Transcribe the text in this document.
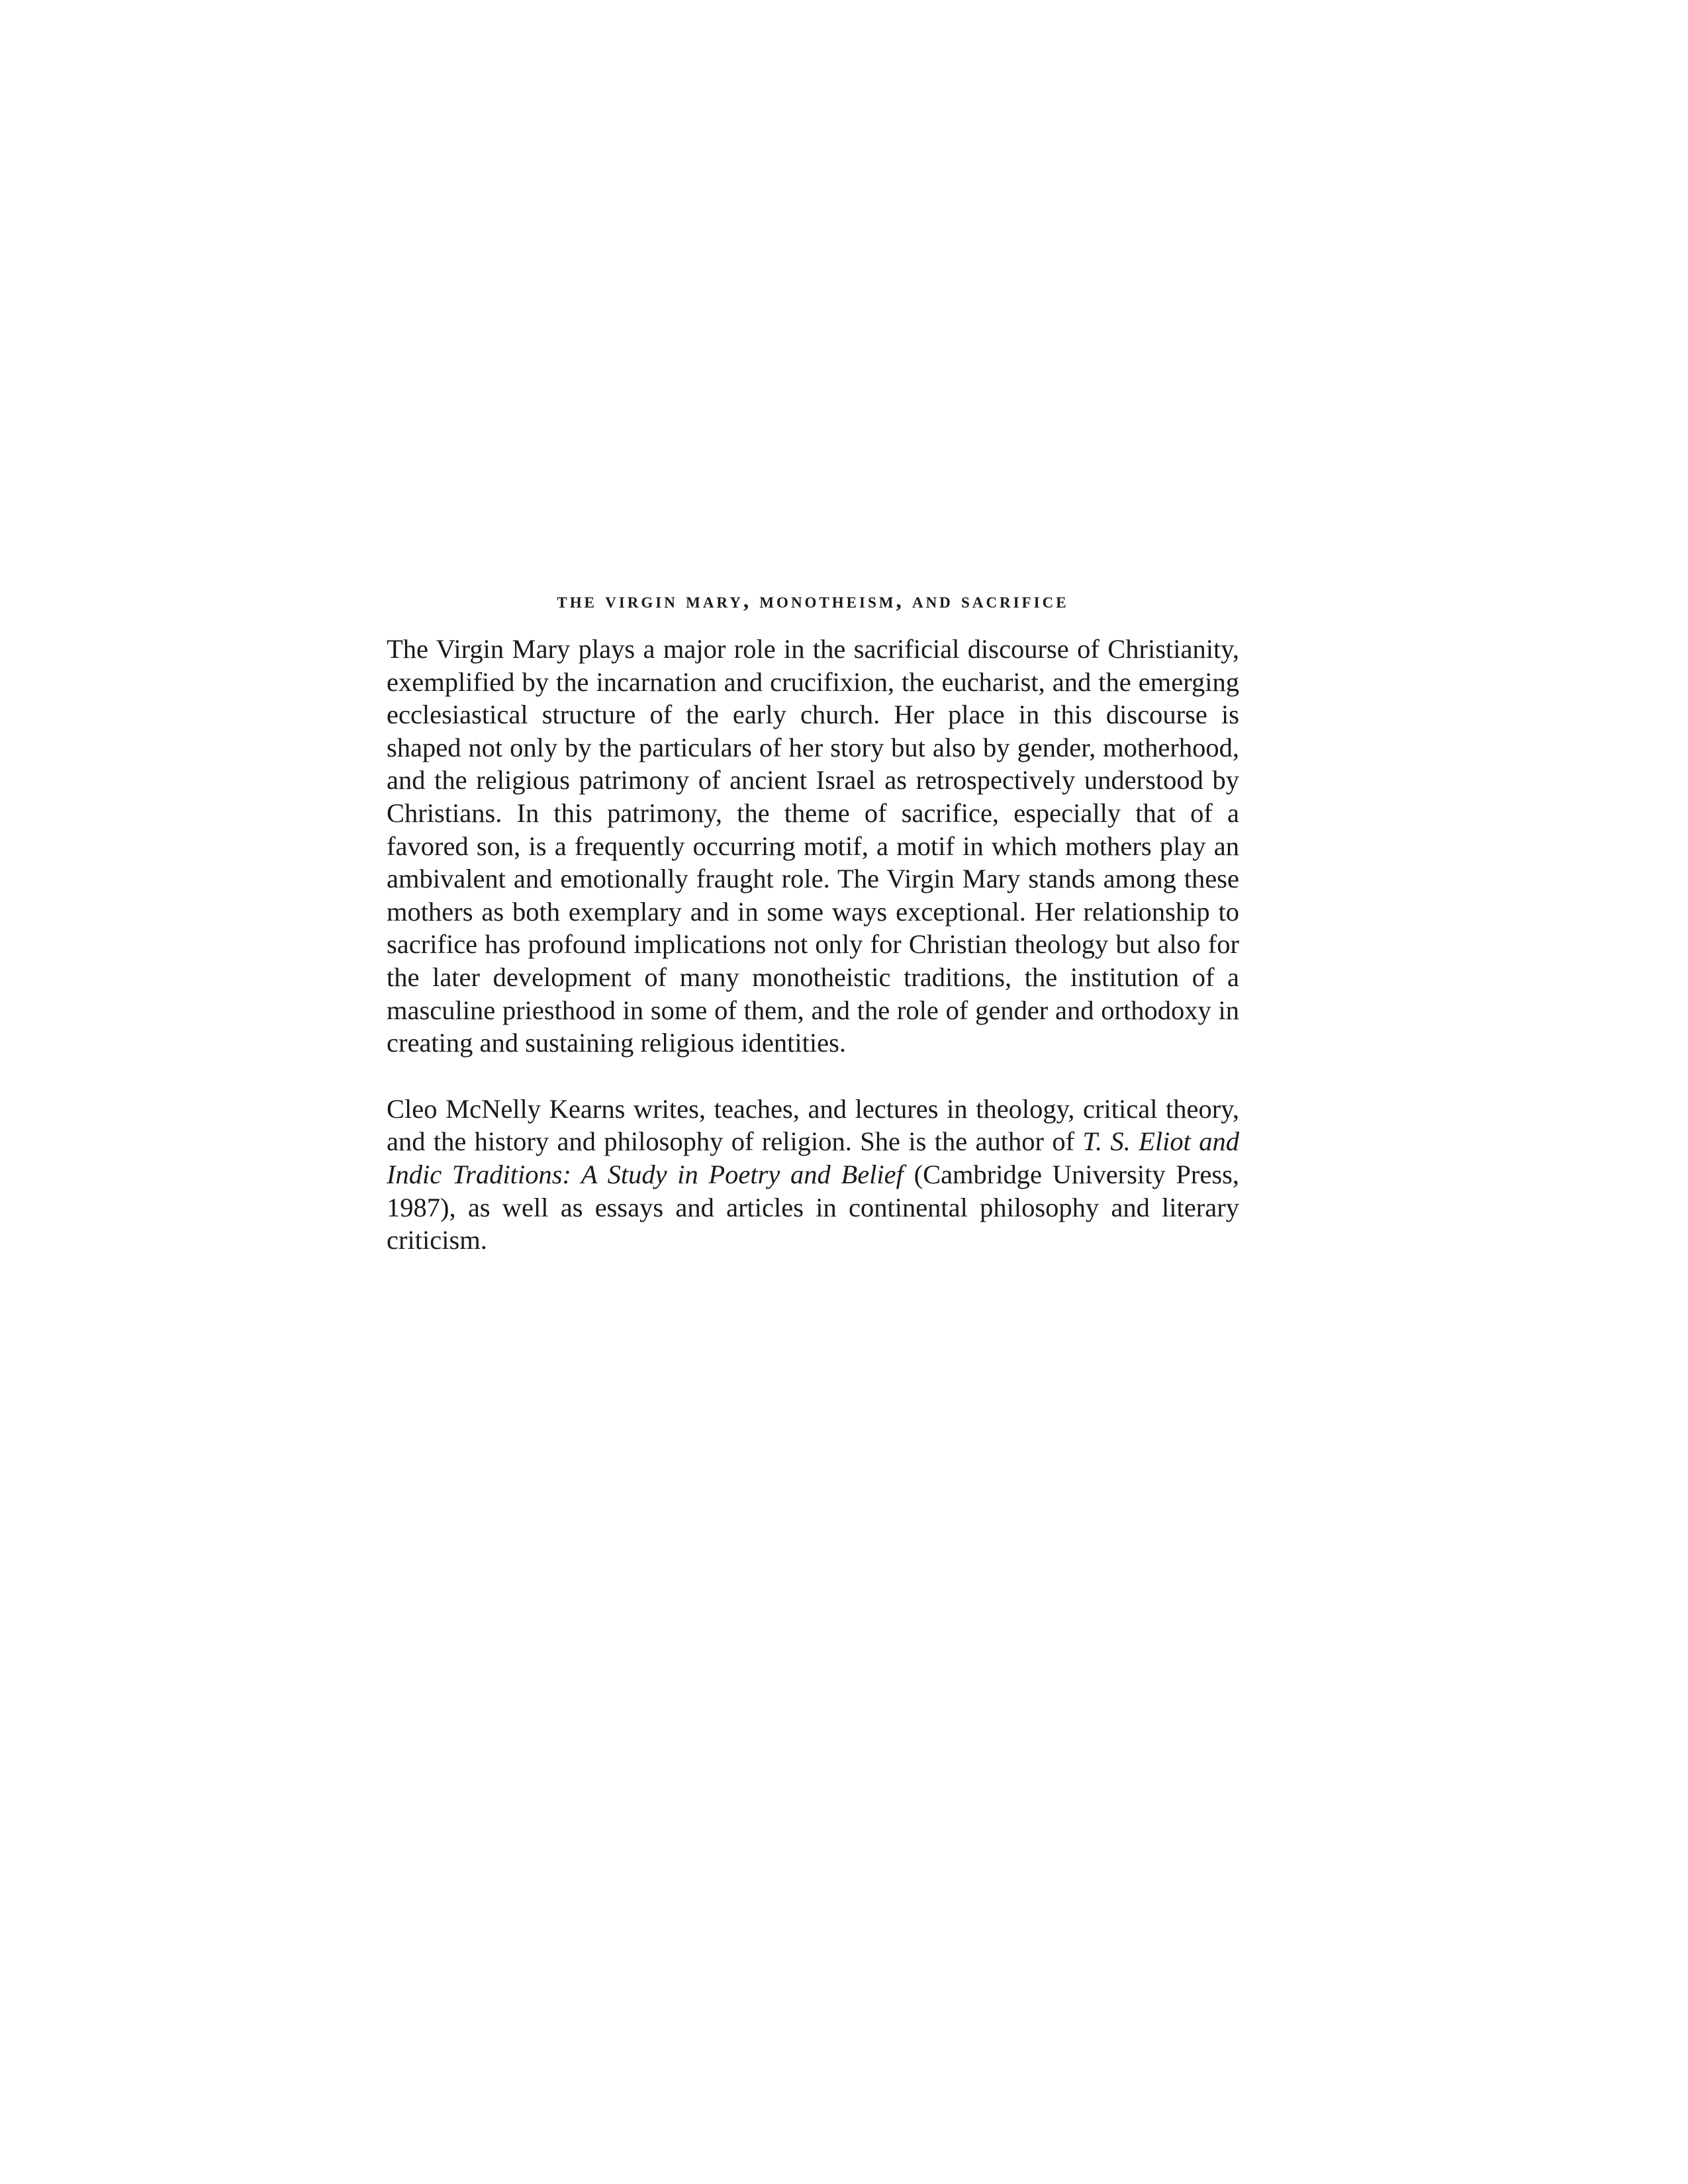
the virgin mary, monotheism, and sacrifice

The Virgin Mary plays a major role in the sacrificial discourse of Christianity, exemplified by the incarnation and crucifixion, the eucharist, and the emerging ecclesiastical structure of the early church. Her place in this discourse is shaped not only by the particulars of her story but also by gender, motherhood, and the religious patrimony of ancient Israel as retrospectively understood by Christians. In this patrimony, the theme of sacrifice, especially that of a favored son, is a frequently occurring motif, a motif in which mothers play an ambivalent and emotionally fraught role. The Virgin Mary stands among these mothers as both exemplary and in some ways exceptional. Her relationship to sacrifice has profound implications not only for Christian theology but also for the later development of many monotheistic traditions, the institution of a masculine priesthood in some of them, and the role of gender and orthodoxy in creating and sustaining religious identities.

Cleo McNelly Kearns writes, teaches, and lectures in theology, critical theory, and the history and philosophy of religion. She is the author of T. S. Eliot and Indic Traditions: A Study in Poetry and Belief (Cambridge University Press, 1987), as well as essays and articles in continental philosophy and literary criticism.
